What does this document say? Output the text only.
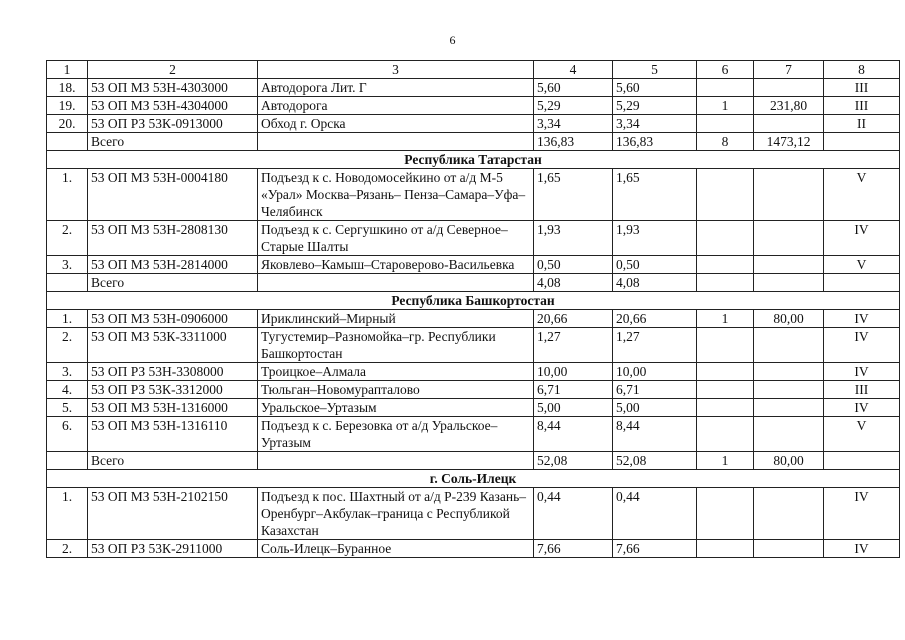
6
1	2	3	4	5	6	7	8
18.	53 ОП МЗ 53Н-4303000	Автодорога Лит. Г	5,60	5,60			III
19.	53 ОП МЗ 53Н-4304000	Автодорога	5,29	5,29	1	231,80	III
20.	53 ОП РЗ 53К-0913000	Обход г. Орска	3,34	3,34			II
	Всего		136,83	136,83	8	1473,12	
Республика Татарстан							
1.	53 ОП МЗ 53Н-0004180	Подъезд к с. Новодомосейкино от а/д М-5 «Урал» Москва–Рязань– Пенза–Самара–Уфа–Челябинск	1,65	1,65			V
2.	53 ОП МЗ 53Н-2808130	Подъезд к с. Сергушкино от а/д Северное–Старые Шалты	1,93	1,93			IV
3.	53 ОП МЗ 53Н-2814000	Яковлево–Камыш–Староверово-Васильевка	0,50	0,50			V
	Всего		4,08	4,08			
Республика Башкортостан							
1.	53 ОП МЗ 53Н-0906000	Ириклинский–Мирный	20,66	20,66	1	80,00	IV
2.	53 ОП МЗ 53К-3311000	Тугустемир–Разномойка–гр. Республики Башкортостан	1,27	1,27			IV
3.	53 ОП РЗ 53Н-3308000	Троицкое–Алмала	10,00	10,00			IV
4.	53 ОП РЗ 53К-3312000	Тюльган–Новомурапталово	6,71	6,71			III
5.	53 ОП МЗ 53Н-1316000	Уральское–Уртазым	5,00	5,00			IV
6.	53 ОП МЗ 53Н-1316110	Подъезд к с. Березовка от а/д Уральское–Уртазым	8,44	8,44			V
	Всего		52,08	52,08	1	80,00	
г. Соль-Илецк							
1.	53 ОП МЗ 53Н-2102150	Подъезд к пос. Шахтный от а/д Р-239 Казань–Оренбург–Акбулак–граница с Республикой Казахстан	0,44	0,44			IV
2.	53 ОП РЗ 53К-2911000	Соль-Илецк–Буранное	7,66	7,66			IV
